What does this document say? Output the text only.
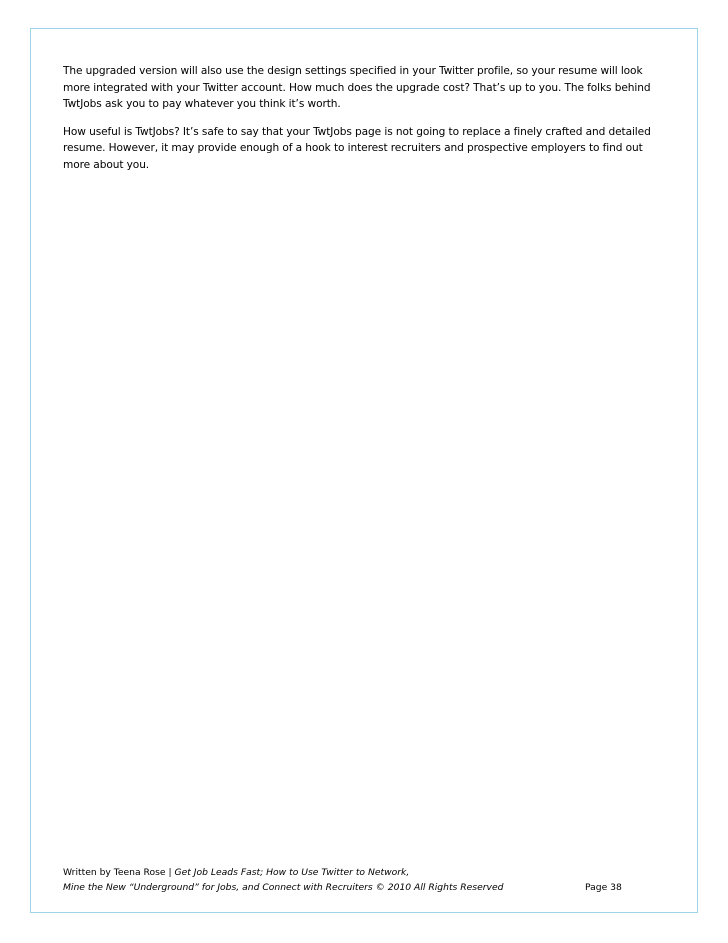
The upgraded version will also use the design settings specified in your Twitter profile, so your resume will look more integrated with your Twitter account. How much does the upgrade cost? That’s up to you. The folks behind TwtJobs ask you to pay whatever you think it’s worth.

How useful is TwtJobs? It’s safe to say that your TwtJobs page is not going to replace a finely crafted and detailed resume. However, it may provide enough of a hook to interest recruiters and prospective employers to find out more about you.

Written by Teena Rose | Get Job Leads Fast; How to Use Twitter to Network,
Mine the New “Underground” for Jobs, and Connect with Recruiters © 2010 All Rights Reserved	Page 38
